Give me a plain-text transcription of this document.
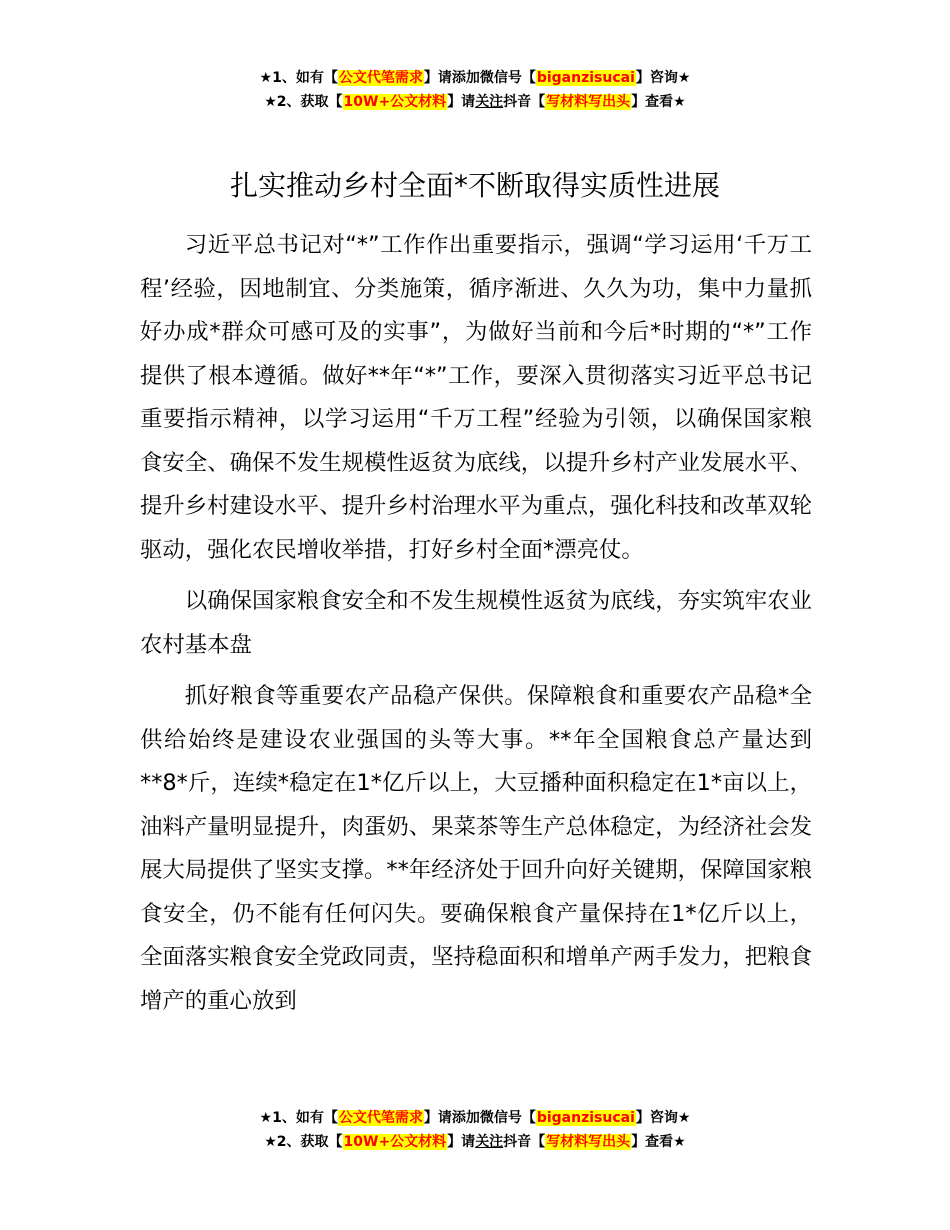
★1、如有【公文代笔需求】请添加微信号【biganzisucai】咨询★
★2、获取【10W+公文材料】请关注抖音【写材料写出头】查看★
扎实推动乡村全面*不断取得实质性进展

习近平总书记对“*”工作作出重要指示，强调“学习运用‘千万工程’经验，因地制宜、分类施策，循序渐进、久久为功，集中力量抓好办成*群众可感可及的实事”，为做好当前和今后*时期的“*”工作提供了根本遵循。做好**年“*”工作，要深入贯彻落实习近平总书记重要指示精神，以学习运用“千万工程”经验为引领，以确保国家粮食安全、确保不发生规模性返贫为底线，以提升乡村产业发展水平、提升乡村建设水平、提升乡村治理水平为重点，强化科技和改革双轮驱动，强化农民增收举措，打好乡村全面*漂亮仗。

以确保国家粮食安全和不发生规模性返贫为底线，夯实筑牢农业农村基本盘

抓好粮食等重要农产品稳产保供。保障粮食和重要农产品稳*全供给始终是建设农业强国的头等大事。**年全国粮食总产量达到**8*斤，连续*稳定在1*亿斤以上，大豆播种面积稳定在1*亩以上，油料产量明显提升，肉蛋奶、果菜茶等生产总体稳定，为经济社会发展大局提供了坚实支撑。**年经济处于回升向好关键期，保障国家粮食安全，仍不能有任何闪失。要确保粮食产量保持在1*亿斤以上，全面落实粮食安全党政同责，坚持稳面积和增单产两手发力，把粮食增产的重心放到

★1、如有【公文代笔需求】请添加微信号【biganzisucai】咨询★
★2、获取【10W+公文材料】请关注抖音【写材料写出头】查看★
